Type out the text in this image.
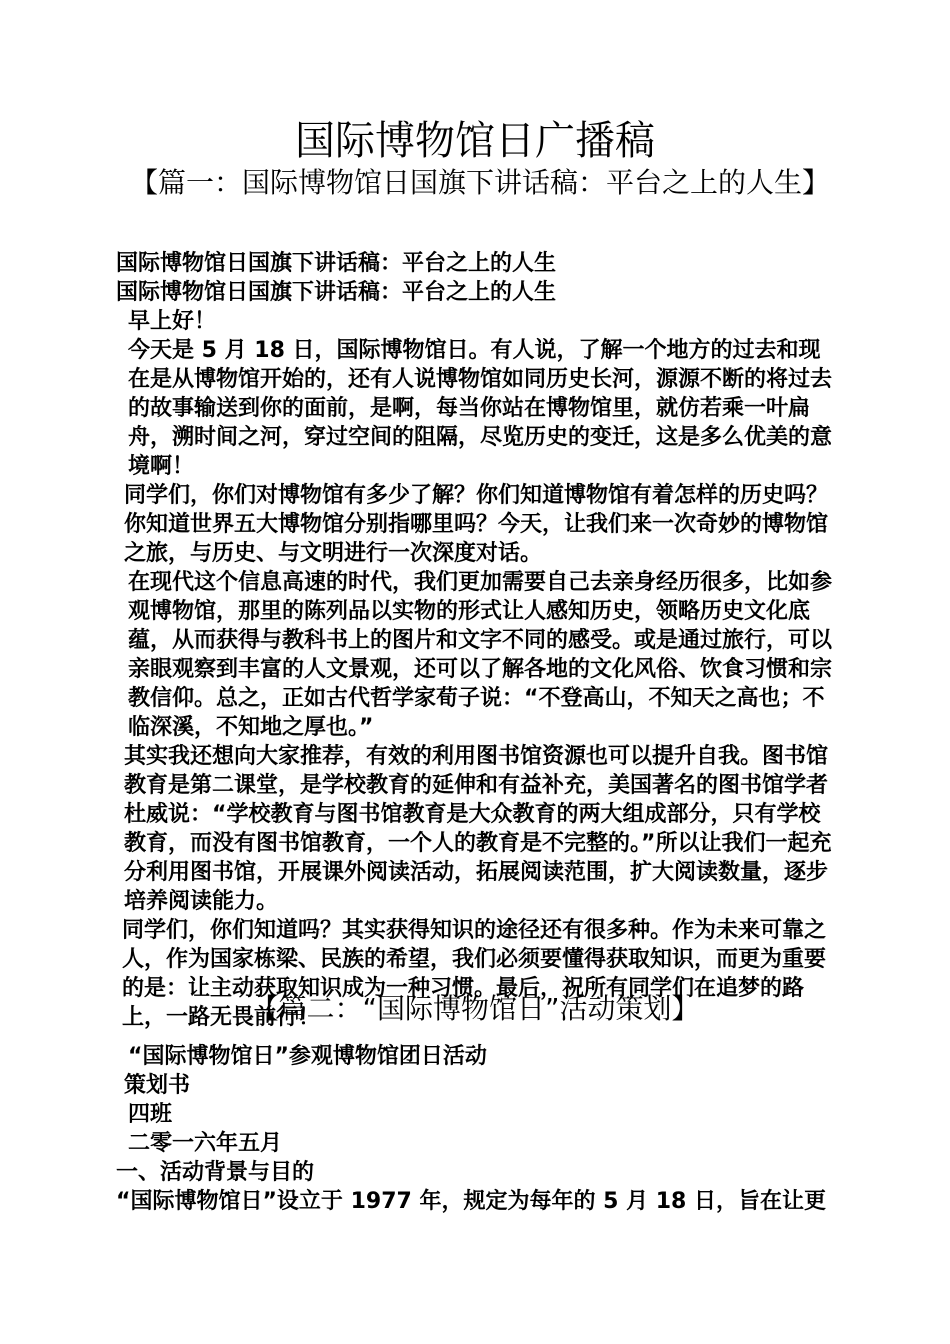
国际博物馆日广播稿
【篇一：国际博物馆日国旗下讲话稿：平台之上的人生】

国际博物馆日国旗下讲话稿：平台之上的人生

国际博物馆日国旗下讲话稿：平台之上的人生

早上好！

今天是 5 月 18 日，国际博物馆日。有人说，了解一个地方的过去和现在是从博物馆开始的，还有人说博物馆如同历史长河，源源不断的将过去的故事输送到你的面前，是啊，每当你站在博物馆里，就仿若乘一叶扁舟，溯时间之河，穿过空间的阻隔，尽览历史的变迁，这是多么优美的意境啊！

同学们，你们对博物馆有多少了解？你们知道博物馆有着怎样的历史吗？你知道世界五大博物馆分别指哪里吗？今天，让我们来一次奇妙的博物馆之旅，与历史、与文明进行一次深度对话。

在现代这个信息高速的时代，我们更加需要自己去亲身经历很多，比如参观博物馆，那里的陈列品以实物的形式让人感知历史，领略历史文化底蕴，从而获得与教科书上的图片和文字不同的感受。或是通过旅行，可以亲眼观察到丰富的人文景观，还可以了解各地的文化风俗、饮食习惯和宗教信仰。总之，正如古代哲学家荀子说：“不登高山，不知天之高也；不临深溪，不知地之厚也。”

其实我还想向大家推荐，有效的利用图书馆资源也可以提升自我。图书馆教育是第二课堂，是学校教育的延伸和有益补充，美国著名的图书馆学者杜威说：“学校教育与图书馆教育是大众教育的两大组成部分，只有学校教育，而没有图书馆教育，一个人的教育是不完整的。”所以让我们一起充分利用图书馆，开展课外阅读活动，拓展阅读范围，扩大阅读数量，逐步培养阅读能力。

同学们，你们知道吗？其实获得知识的途径还有很多种。作为未来可靠之人，作为国家栋梁、民族的希望，我们必须要懂得获取知识，而更为重要的是：让主动获取知识成为一种习惯。最后，祝所有同学们在追梦的路上，一路无畏前行！

【篇二：“国际博物馆日”活动策划】

“国际博物馆日”参观博物馆团日活动

策划书

四班

二零一六年五月

一、活动背景与目的

“国际博物馆日”设立于 1977 年，规定为每年的 5 月 18 日，旨在让更
